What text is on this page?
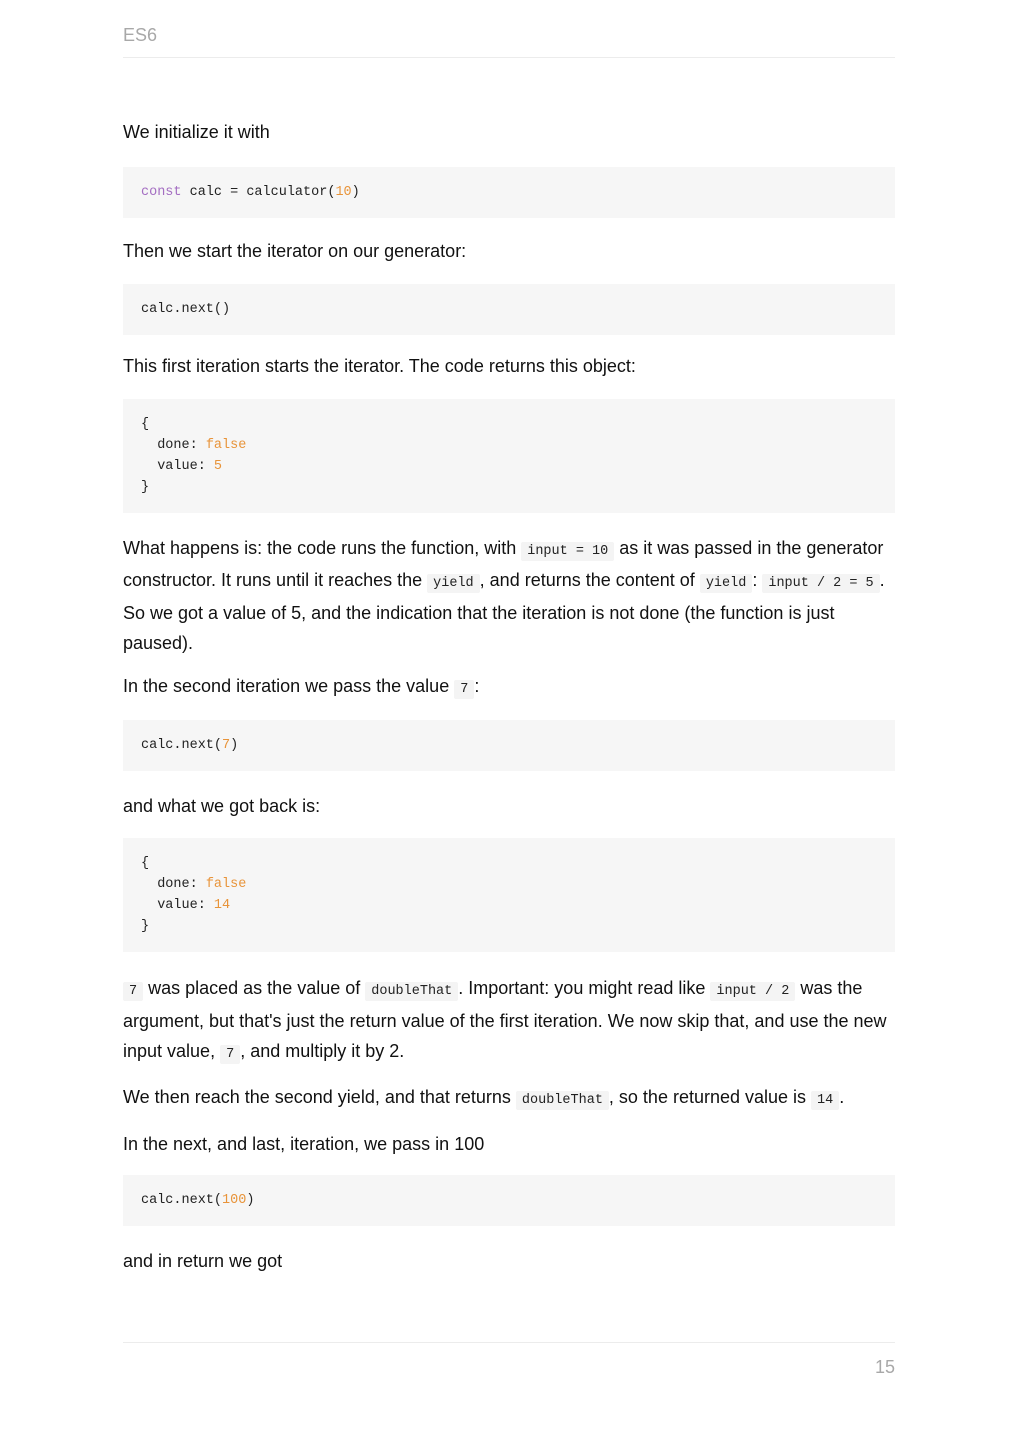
ES6

We initialize it with

const calc = calculator(10)

Then we start the iterator on our generator:

calc.next()

This first iteration starts the iterator. The code returns this object:

{
done: false
value: 5
}

What happens is: the code runs the function, with input = 10 as it was passed in the generator constructor. It runs until it reaches the yield , and returns the content of yield : input / 2 = 5 . So we got a value of 5, and the indication that the iteration is not done (the function is just paused).

In the second iteration we pass the value 7 :

calc.next(7)

and what we got back is:

{
done: false
value: 14
}

7 was placed as the value of doubleThat . Important: you might read like input / 2 was the argument, but that's just the return value of the first iteration. We now skip that, and use the new input value, 7 , and multiply it by 2.

We then reach the second yield, and that returns doubleThat , so the returned value is 14 .

In the next, and last, iteration, we pass in 100

calc.next(100)

and in return we got

15
